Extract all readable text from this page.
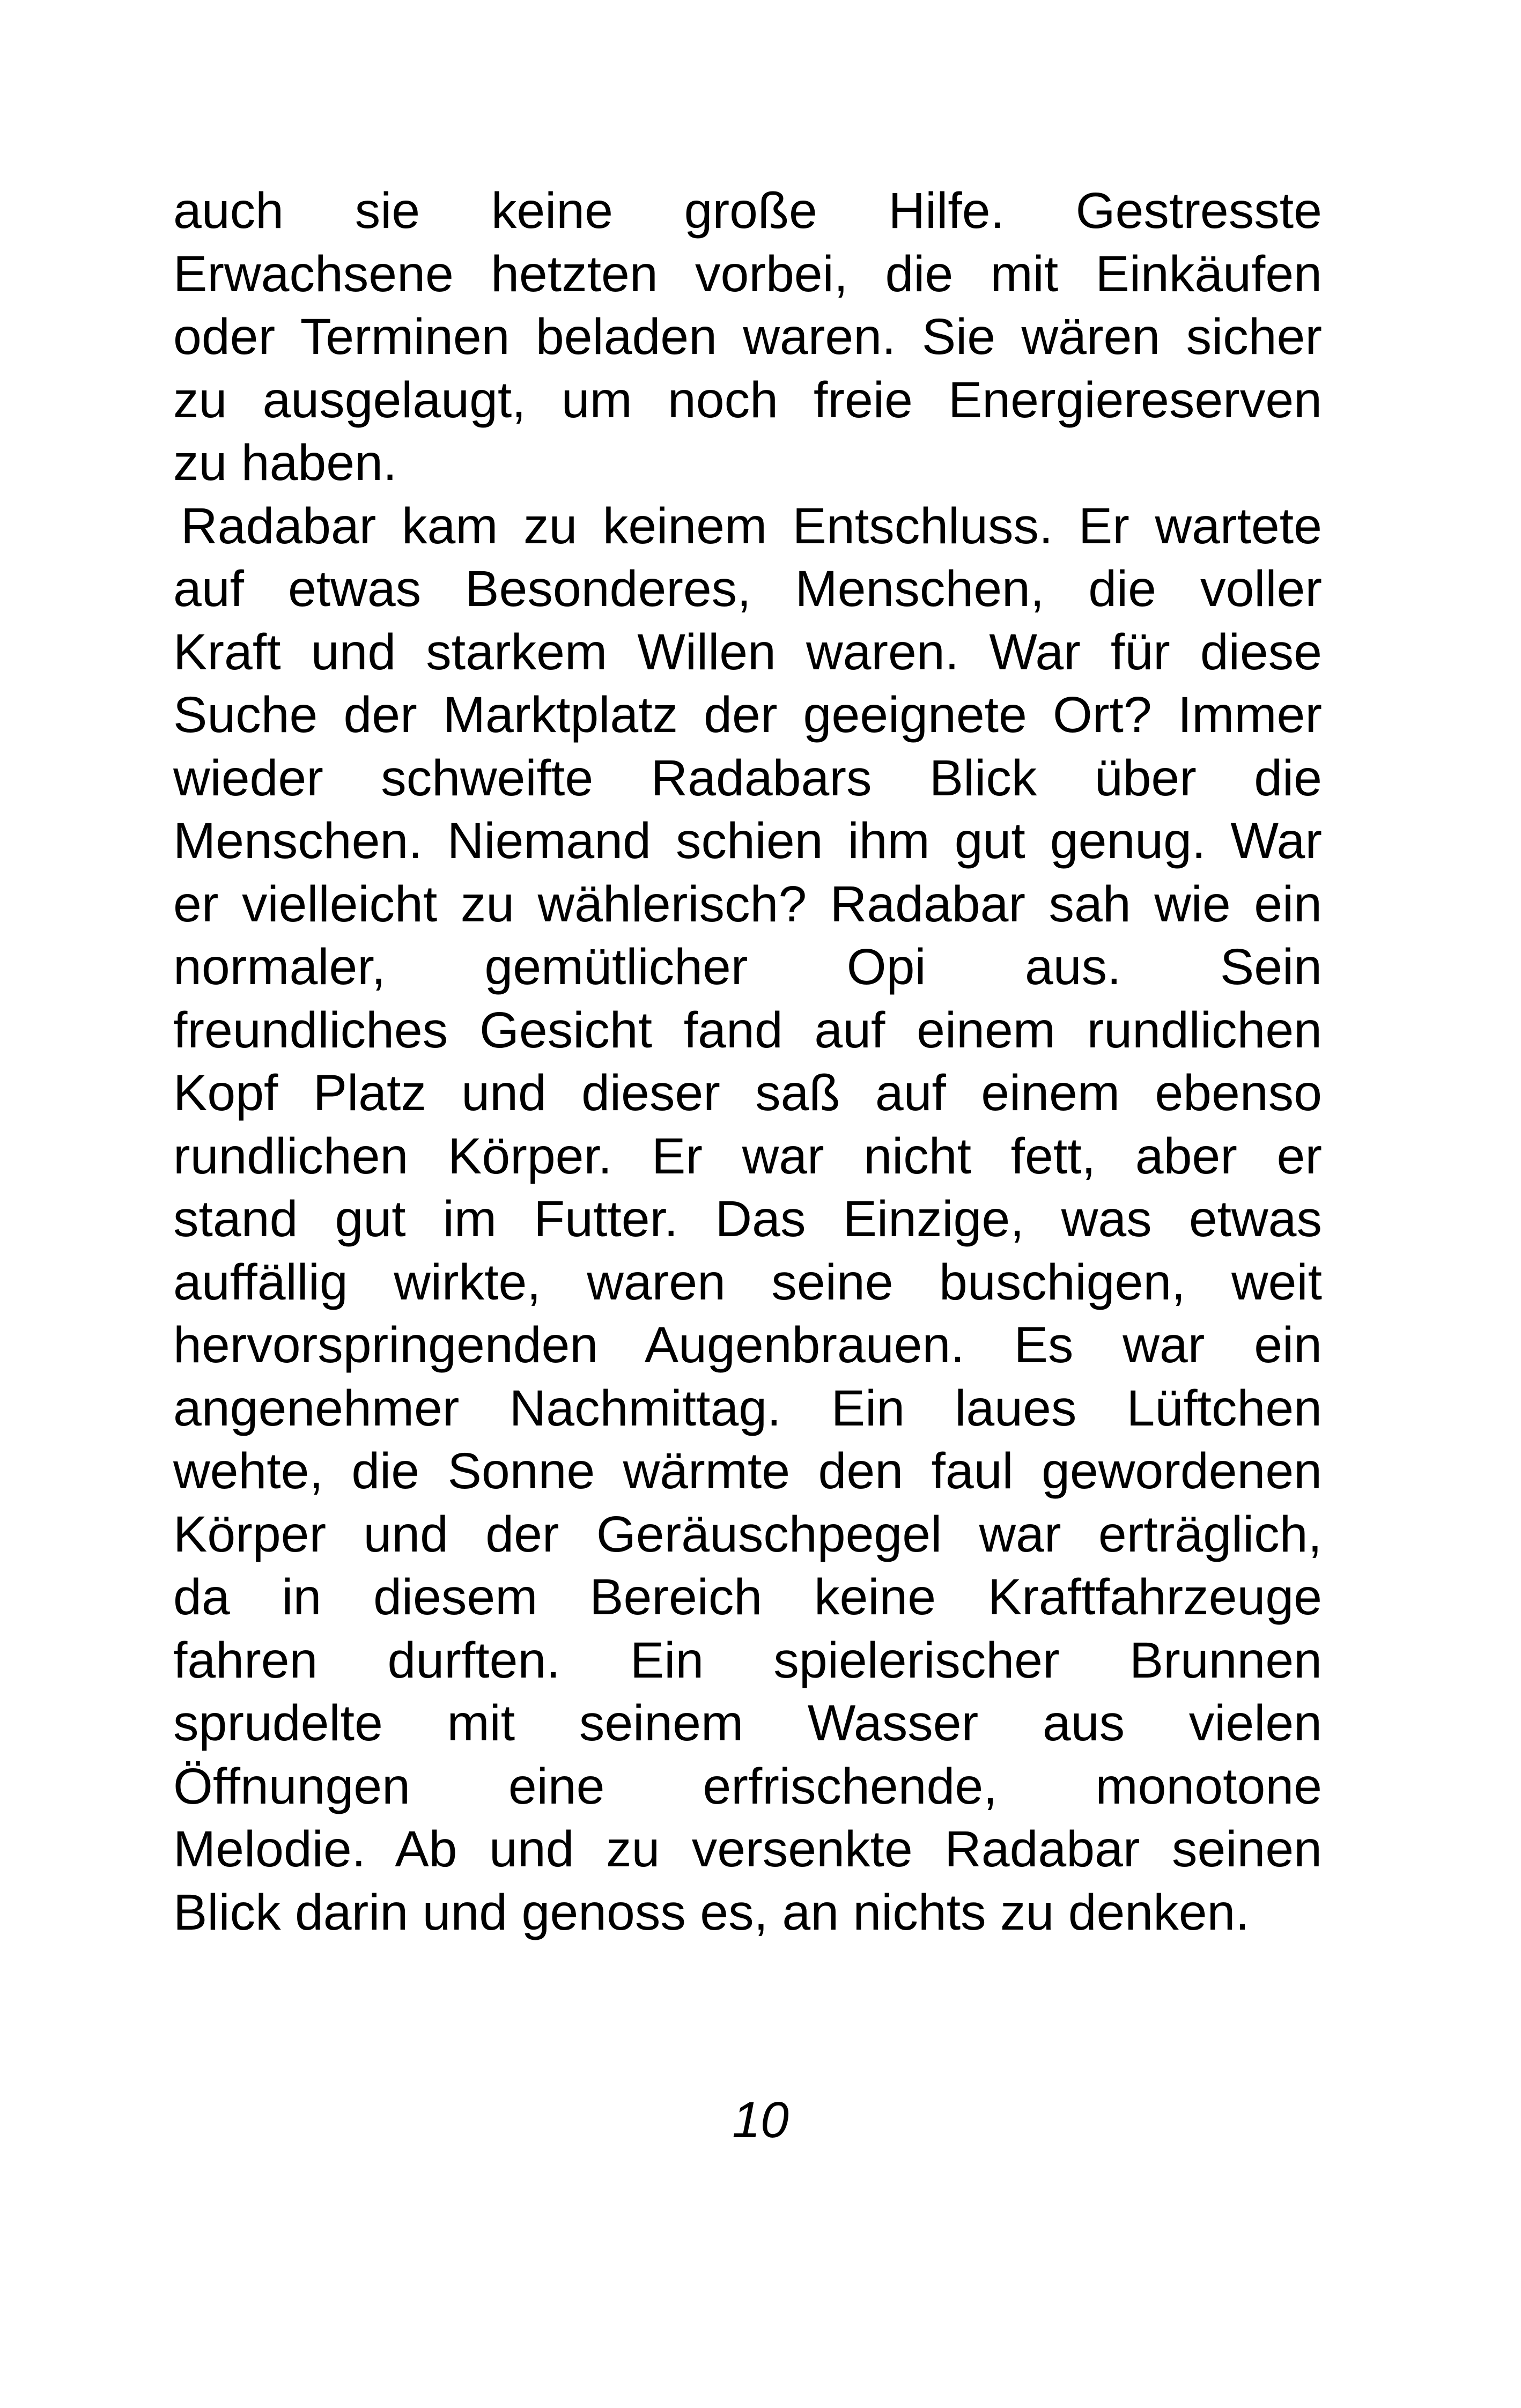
auch sie keine große Hilfe. Gestresste
Erwachsene hetzten vorbei, die mit Einkäufen
oder Terminen beladen waren. Sie wären sicher
zu ausgelaugt, um noch freie Energiereserven
zu haben.
Radabar kam zu keinem Entschluss. Er wartete
auf etwas Besonderes, Menschen, die voller
Kraft und starkem Willen waren. War für diese
Suche der Marktplatz der geeignete Ort? Immer
wieder schweifte Radabars Blick über die
Menschen. Niemand schien ihm gut genug. War
er vielleicht zu wählerisch? Radabar sah wie ein
normaler, gemütlicher Opi aus. Sein
freundliches Gesicht fand auf einem rundlichen
Kopf Platz und dieser saß auf einem ebenso
rundlichen Körper. Er war nicht fett, aber er
stand gut im Futter. Das Einzige, was etwas
auffällig wirkte, waren seine buschigen, weit
hervorspringenden Augenbrauen. Es war ein
angenehmer Nachmittag. Ein laues Lüftchen
wehte, die Sonne wärmte den faul gewordenen
Körper und der Geräuschpegel war erträglich,
da in diesem Bereich keine Kraftfahrzeuge
fahren durften. Ein spielerischer Brunnen
sprudelte mit seinem Wasser aus vielen
Öffnungen eine erfrischende, monotone
Melodie. Ab und zu versenkte Radabar seinen
Blick darin und genoss es, an nichts zu denken.
10
